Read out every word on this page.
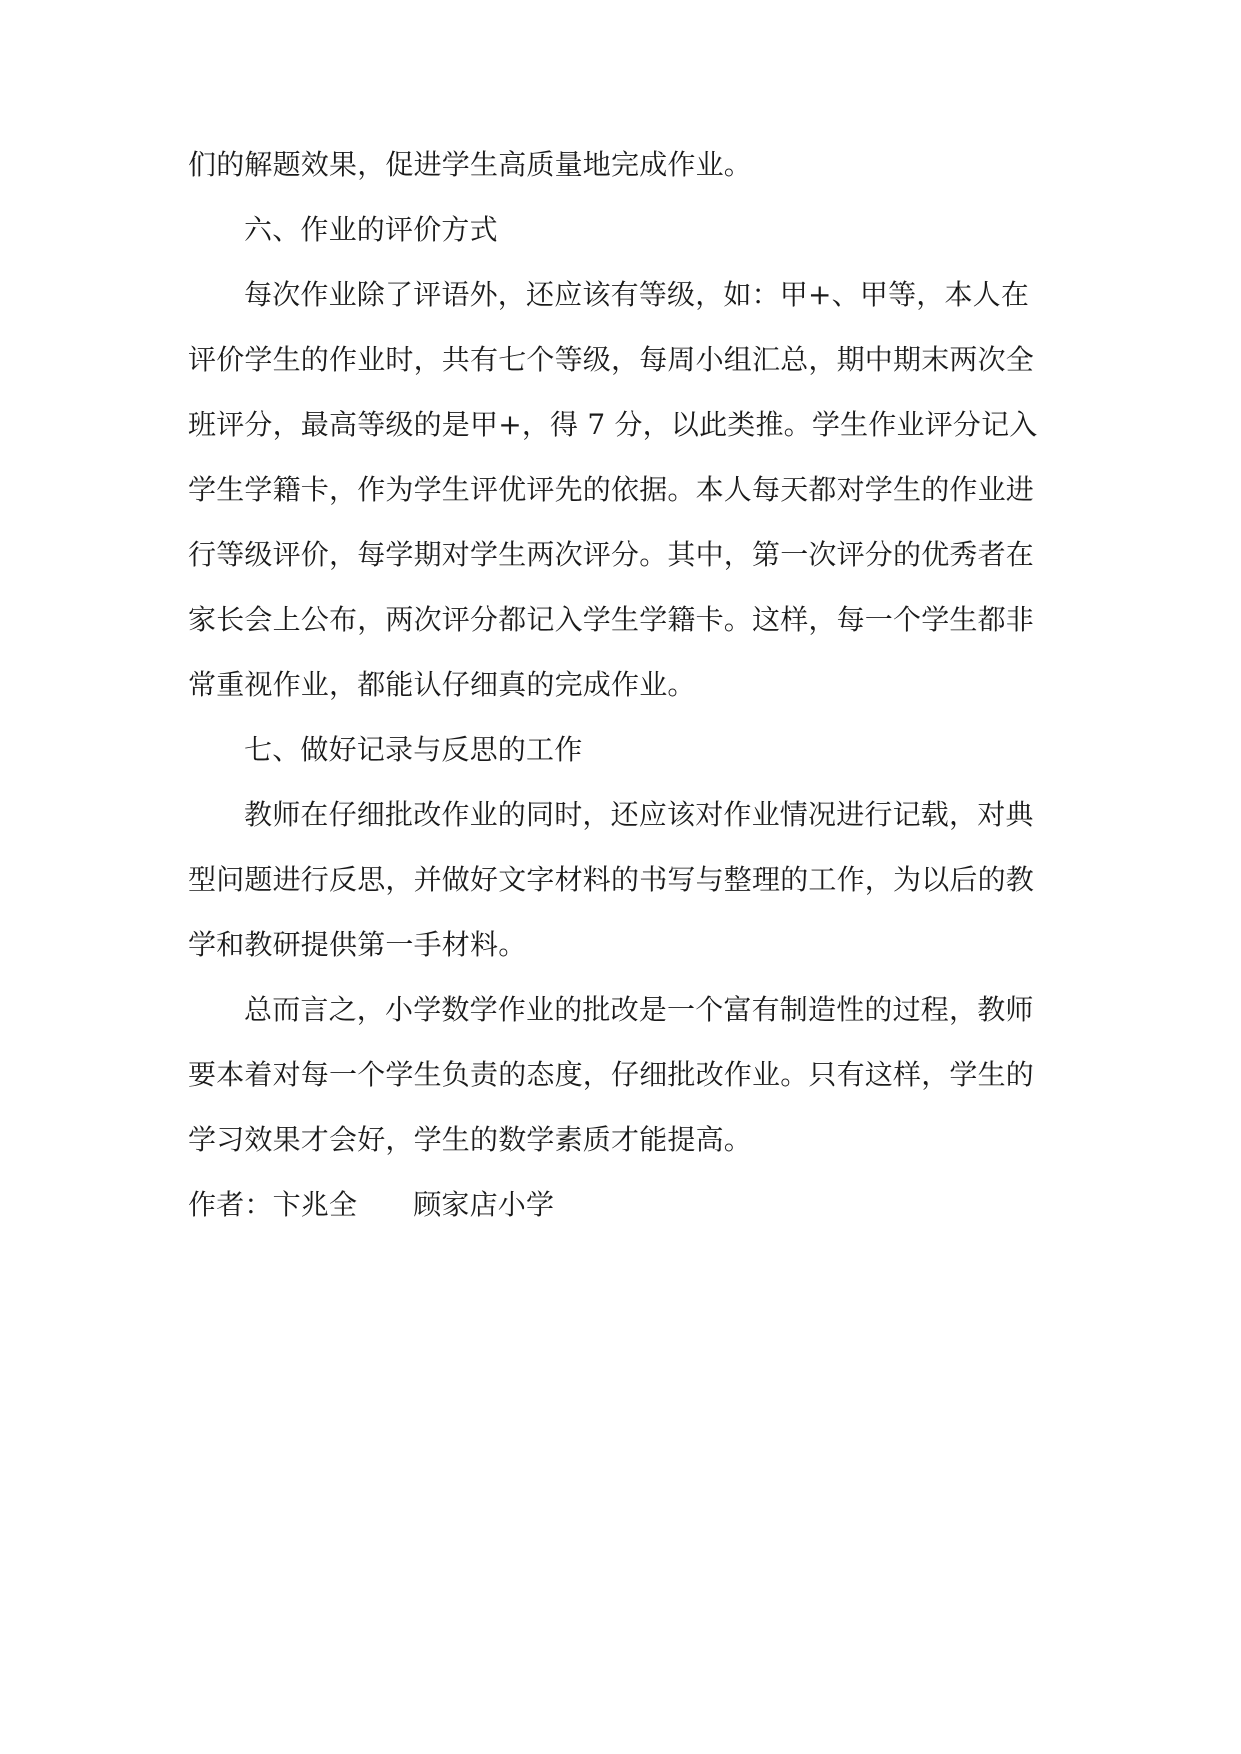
们的解题效果，促进学生高质量地完成作业。
六、作业的评价方式
每次作业除了评语外，还应该有等级，如：甲+、甲等，本人在
评价学生的作业时，共有七个等级，每周小组汇总，期中期末两次全
班评分，最高等级的是甲+，得 7 分，以此类推。学生作业评分记入
学生学籍卡，作为学生评优评先的依据。本人每天都对学生的作业进
行等级评价，每学期对学生两次评分。其中，第一次评分的优秀者在
家长会上公布，两次评分都记入学生学籍卡。这样，每一个学生都非
常重视作业，都能认仔细真的完成作业。
七、做好记录与反思的工作
教师在仔细批改作业的同时，还应该对作业情况进行记载，对典
型问题进行反思，并做好文字材料的书写与整理的工作，为以后的教
学和教研提供第一手材料。
总而言之，小学数学作业的批改是一个富有制造性的过程，教师
要本着对每一个学生负责的态度，仔细批改作业。只有这样，学生的
学习效果才会好，学生的数学素质才能提高。
作者：卞兆全 顾家店小学
